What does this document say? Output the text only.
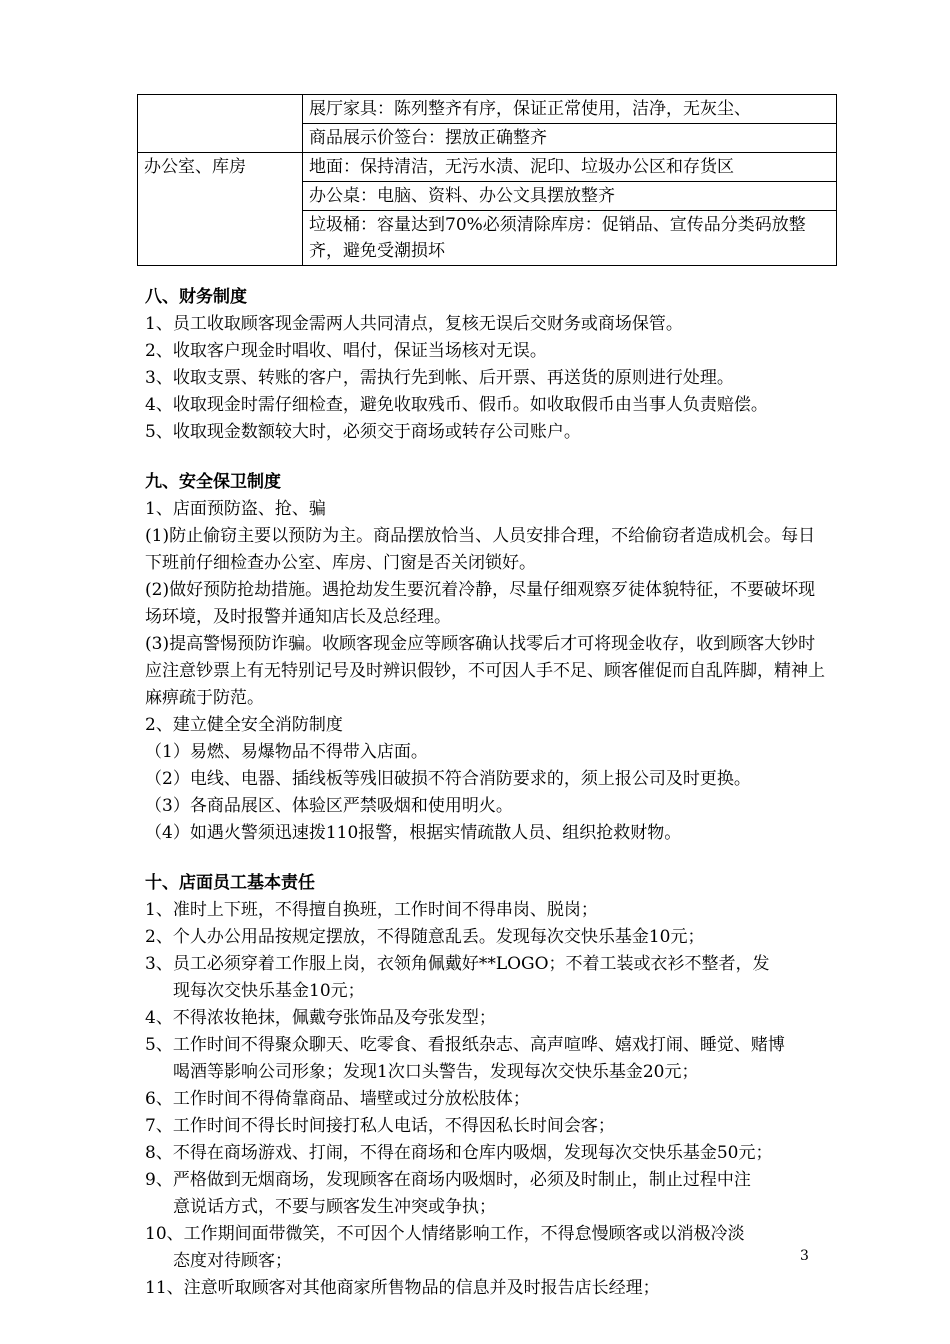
	展厅家具：陈列整齐有序，保证正常使用，洁净，无灰尘、
	商品展示价签台：摆放正确整齐
办公室、库房	地面：保持清洁，无污水渍、泥印、垃圾办公区和存货区
	办公桌：电脑、资料、办公文具摆放整齐
	垃圾桶：容量达到70%必须清除库房：促销品、宣传品分类码放整齐，避免受潮损坏
八、财务制度
1、员工收取顾客现金需两人共同清点，复核无误后交财务或商场保管。
2、收取客户现金时唱收、唱付，保证当场核对无误。
3、收取支票、转账的客户，需执行先到帐、后开票、再送货的原则进行处理。
4、收取现金时需仔细检查，避免收取残币、假币。如收取假币由当事人负责赔偿。
5、收取现金数额较大时，必须交于商场或转存公司账户。
九、安全保卫制度
1、店面预防盗、抢、骗
(1)防止偷窃主要以预防为主。商品摆放恰当、人员安排合理，不给偷窃者造成机会。每日下班前仔细检查办公室、库房、门窗是否关闭锁好。
(2)做好预防抢劫措施。遇抢劫发生要沉着冷静，尽量仔细观察歹徒体貌特征，不要破坏现场环境，及时报警并通知店长及总经理。
(3)提高警惕预防诈骗。收顾客现金应等顾客确认找零后才可将现金收存，收到顾客大钞时应注意钞票上有无特别记号及时辨识假钞，不可因人手不足、顾客催促而自乱阵脚，精神上麻痹疏于防范。
2、建立健全安全消防制度
（1）易燃、易爆物品不得带入店面。
（2）电线、电器、插线板等残旧破损不符合消防要求的，须上报公司及时更换。
（3）各商品展区、体验区严禁吸烟和使用明火。
（4）如遇火警须迅速拨110报警，根据实情疏散人员、组织抢救财物。
十、店面员工基本责任
1、准时上下班，不得擅自换班，工作时间不得串岗、脱岗；
2、个人办公用品按规定摆放，不得随意乱丢。发现每次交快乐基金10元；
3、员工必须穿着工作服上岗，衣领角佩戴好**LOGO；不着工装或衣衫不整者，发
现每次交快乐基金10元；
4、不得浓妆艳抹，佩戴夸张饰品及夸张发型；
5、工作时间不得聚众聊天、吃零食、看报纸杂志、高声喧哗、嬉戏打闹、睡觉、赌博
喝酒等影响公司形象；发现1次口头警告，发现每次交快乐基金20元；
6、工作时间不得倚靠商品、墙壁或过分放松肢体；
7、工作时间不得长时间接打私人电话，不得因私长时间会客；
8、不得在商场游戏、打闹，不得在商场和仓库内吸烟，发现每次交快乐基金50元；
9、严格做到无烟商场，发现顾客在商场内吸烟时，必须及时制止，制止过程中注
意说话方式，不要与顾客发生冲突或争执；
10、工作期间面带微笑，不可因个人情绪影响工作，不得怠慢顾客或以消极冷淡
态度对待顾客；
11、注意听取顾客对其他商家所售物品的信息并及时报告店长经理；
3
